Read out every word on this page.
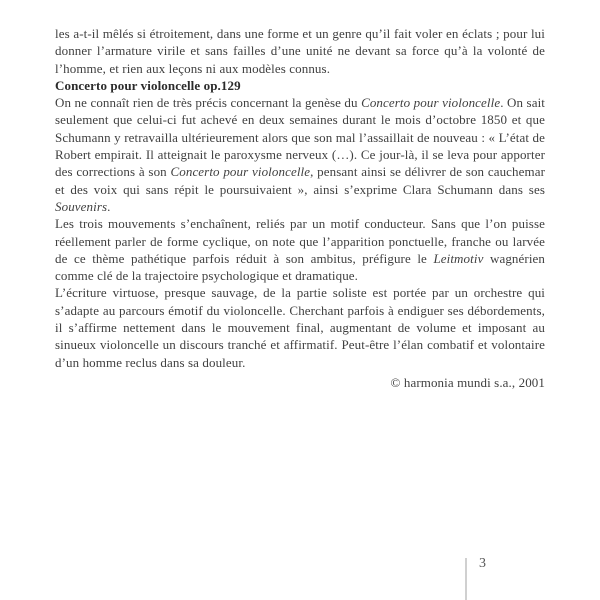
les a-t-il mêlés si étroitement, dans une forme et un genre qu’il fait voler en éclats ; pour lui donner l’armature virile et sans failles d’une unité ne devant sa force qu’à la volonté de l’homme, et rien aux leçons ni aux modèles connus.

Concerto pour violoncelle op.129

On ne connaît rien de très précis concernant la genèse du Concerto pour violoncelle. On sait seulement que celui-ci fut achevé en deux semaines durant le mois d’octobre 1850 et que Schumann y retravailla ultérieurement alors que son mal l’assaillait de nouveau : « L’état de Robert empirait. Il atteignait le paroxysme nerveux (…). Ce jour-là, il se leva pour apporter des corrections à son Concerto pour violoncelle, pensant ainsi se délivrer de son cauchemar et des voix qui sans répit le poursuivaient », ainsi s’exprime Clara Schumann dans ses Souvenirs.

Les trois mouvements s’enchaînent, reliés par un motif conducteur. Sans que l’on puisse réellement parler de forme cyclique, on note que l’apparition ponctuelle, franche ou larvée de ce thème pathétique parfois réduit à son ambitus, préfigure le Leitmotiv wagnérien comme clé de la trajectoire psychologique et dramatique.

L’écriture virtuose, presque sauvage, de la partie soliste est portée par un orchestre qui s’adapte au parcours émotif du violoncelle. Cherchant parfois à endiguer ses débordements, il s’affirme nettement dans le mouvement final, augmentant de volume et imposant au sinueux violoncelle un discours tranché et affirmatif. Peut-être l’élan combatif et volontaire d’un homme reclus dans sa douleur.

© harmonia mundi s.a., 2001

3
